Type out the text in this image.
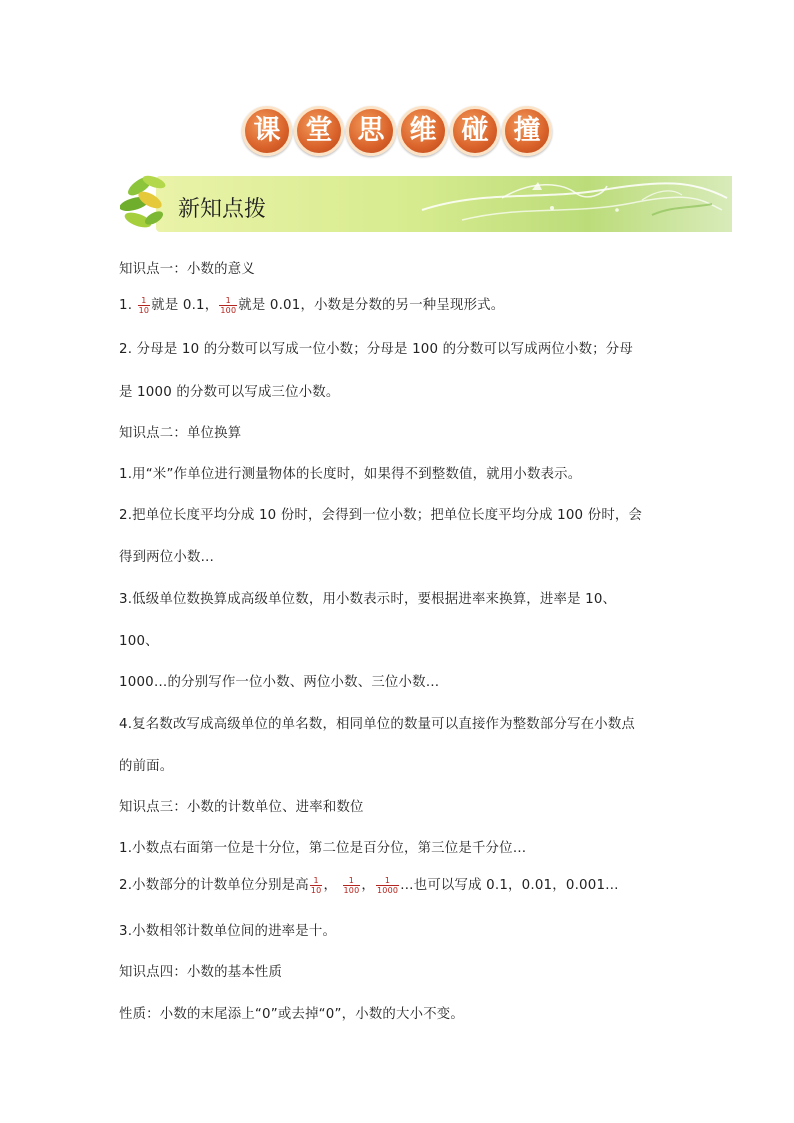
课 堂 思 维 碰 撞
新知点拨
知识点一：小数的意义
1. $\frac{1}{10}$ 就是 0.1， $\frac{1}{100}$ 就是 0.01，小数是分数的另一种呈现形式。
2. 分母是 10 的分数可以写成一位小数；分母是 100 的分数可以写成两位小数；分母
是 1000 的分数可以写成三位小数。
知识点二：单位换算
1.用“米”作单位进行测量物体的长度时，如果得不到整数值，就用小数表示。
2.把单位长度平均分成 10 份时，会得到一位小数；把单位长度平均分成 100 份时，会
得到两位小数…
3.低级单位数换算成高级单位数，用小数表示时，要根据进率来换算，进率是 10、
100、
1000…的分别写作一位小数、两位小数、三位小数…
4.复名数改写成高级单位的单名数，相同单位的数量可以直接作为整数部分写在小数点
的前面。
知识点三：小数的计数单位、进率和数位
1.小数点右面第一位是十分位，第二位是百分位，第三位是千分位…
2.小数部分的计数单位分别是高 $\frac{1}{10}$ ， $\frac{1}{100}$ ， $\frac{1}{1000}$ …也可以写成 0.1，0.01，0.001…
3.小数相邻计数单位间的进率是十。
知识点四：小数的基本性质
性质：小数的末尾添上“0”或去掉“0”，小数的大小不变。
